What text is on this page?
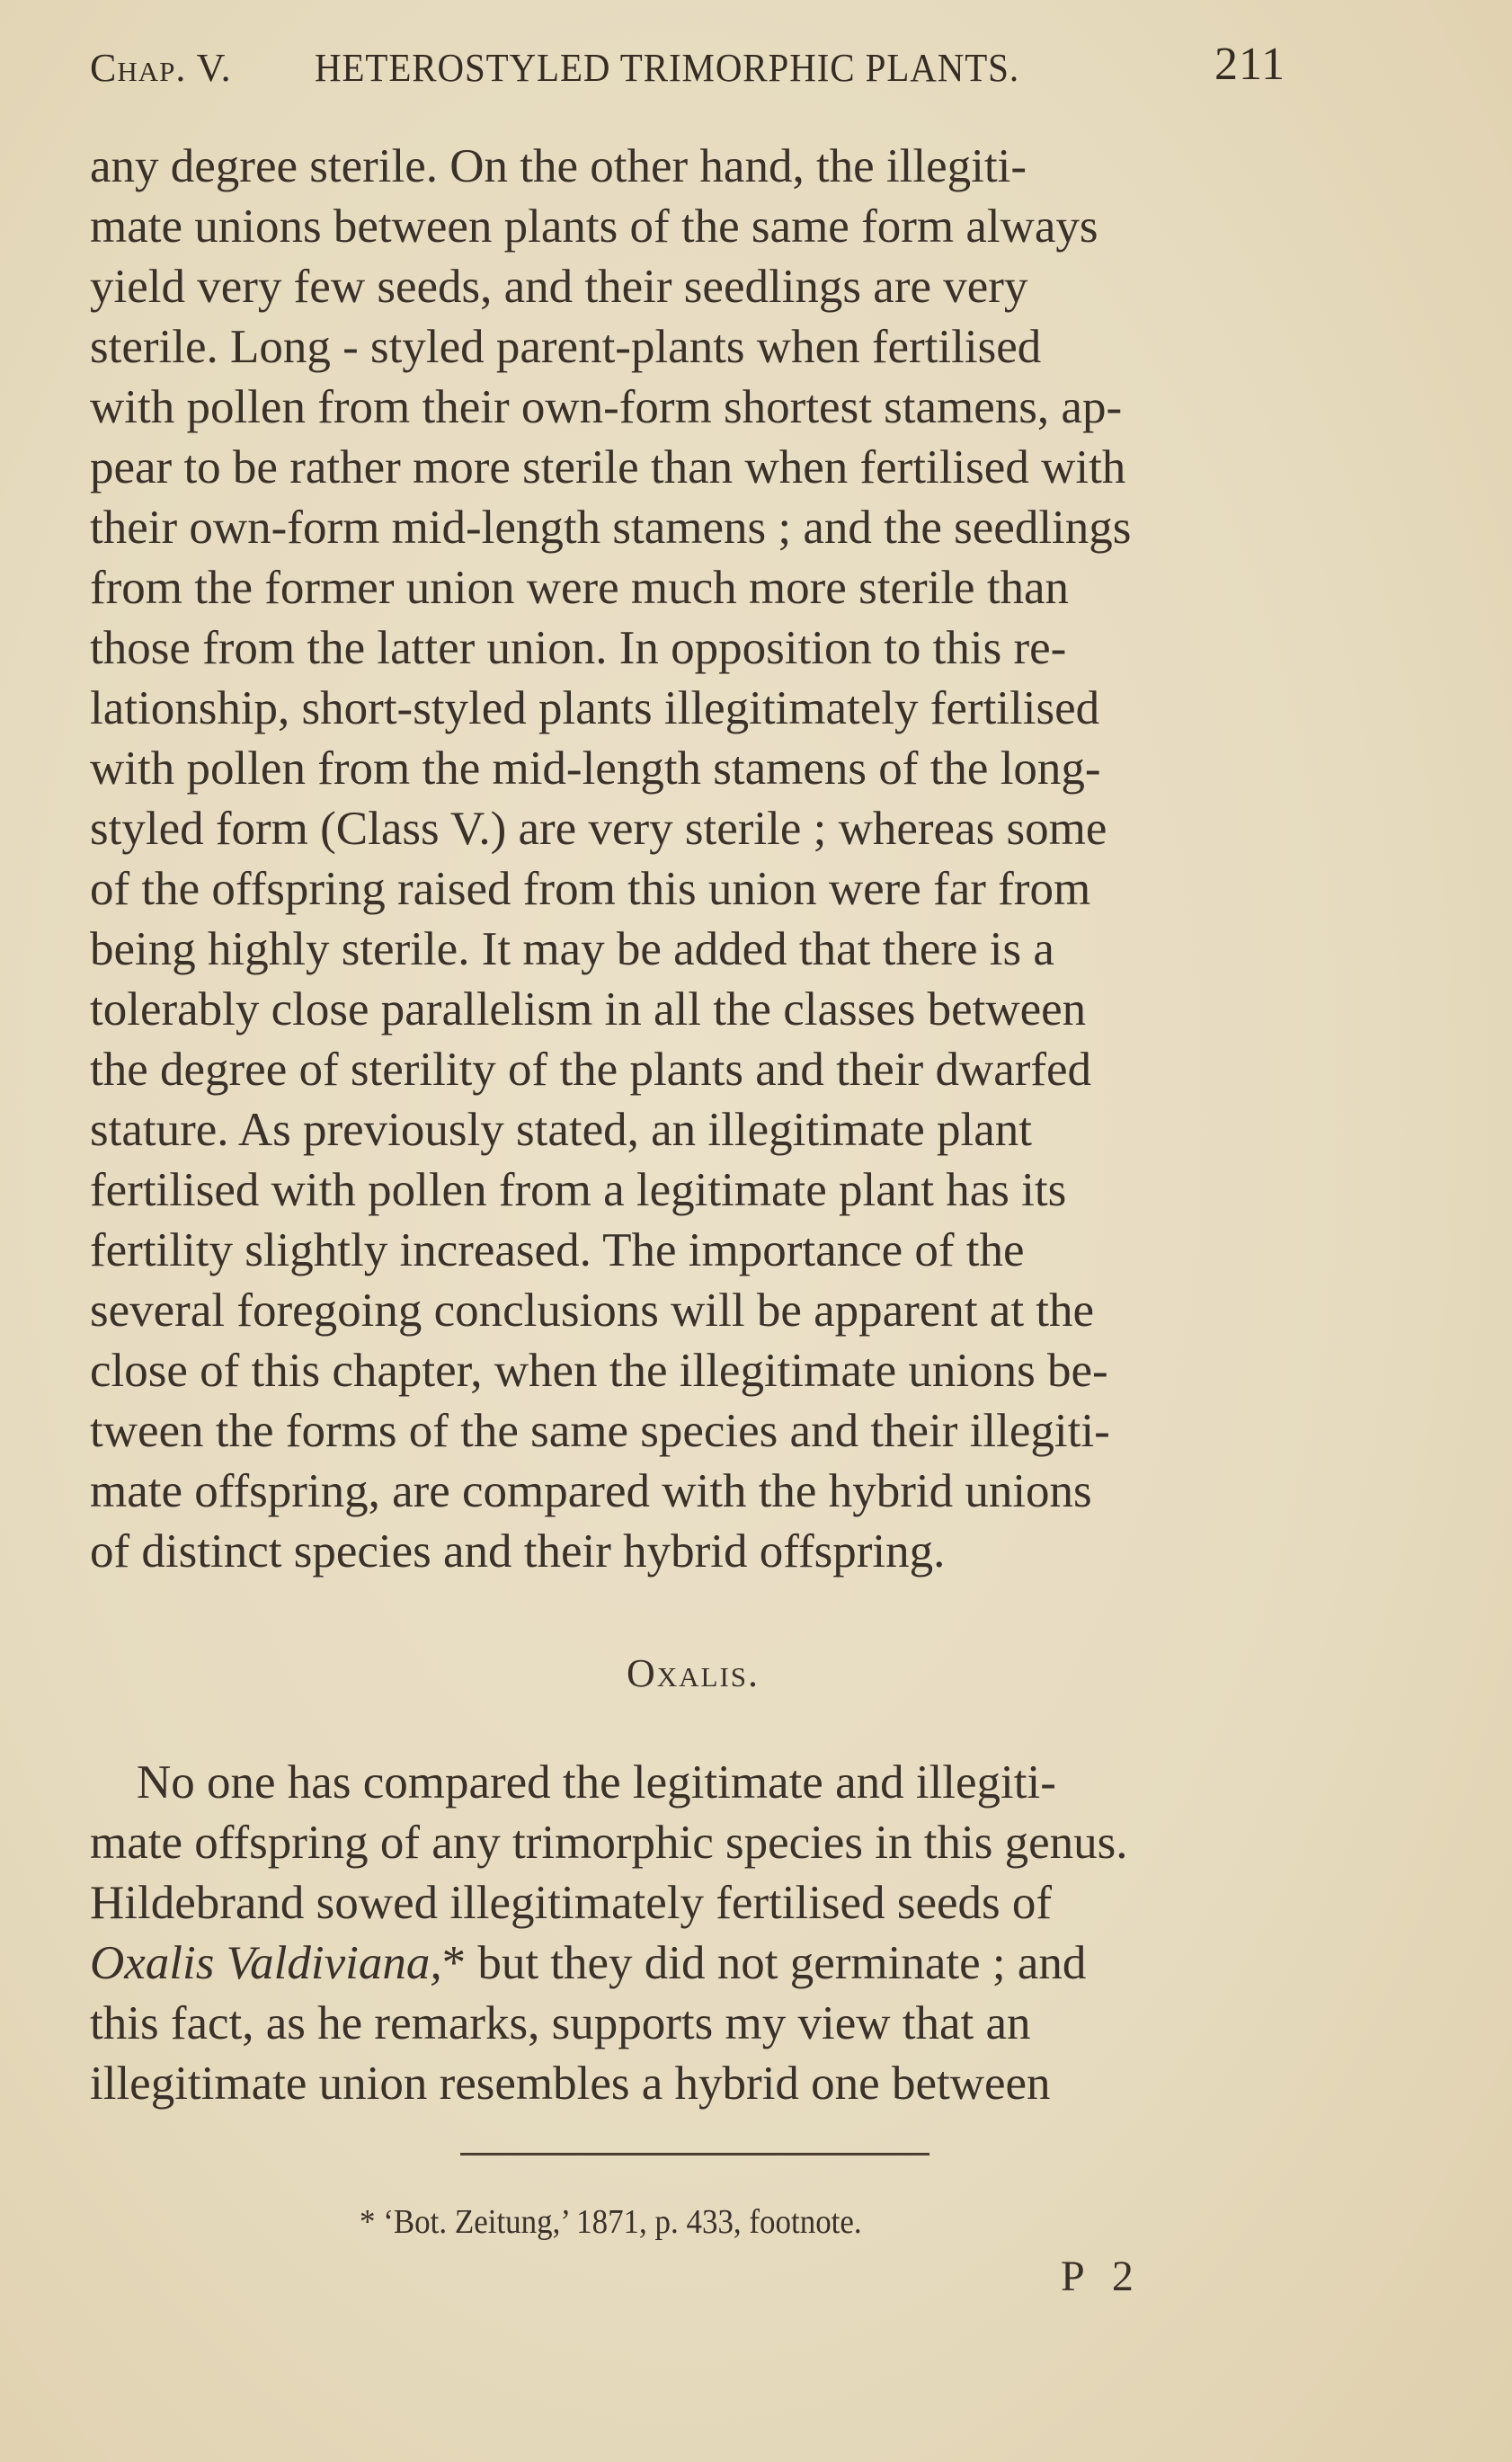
Chap. V. HETEROSTYLED TRIMORPHIC PLANTS.	211
any degree sterile. On the other hand, the illegiti-
mate unions between plants of the same form always
yield very few seeds, and their seedlings are very
sterile. Long - styled parent-plants when fertilised
with pollen from their own-form shortest stamens, ap-
pear to be rather more sterile than when fertilised with
their own-form mid-length stamens ; and the seedlings
from the former union were much more sterile than
those from the latter union. In opposition to this re-
lationship, short-styled plants illegitimately fertilised
with pollen from the mid-length stamens of the long-
styled form (Class V.) are very sterile ; whereas some
of the offspring raised from this union were far from
being highly sterile. It may be added that there is a
tolerably close parallelism in all the classes between
the degree of sterility of the plants and their dwarfed
stature. As previously stated, an illegitimate plant
fertilised with pollen from a legitimate plant has its
fertility slightly increased. The importance of the
several foregoing conclusions will be apparent at the
close of this chapter, when the illegitimate unions be-
tween the forms of the same species and their illegiti-
mate offspring, are compared with the hybrid unions
of distinct species and their hybrid offspring.
Oxalis.
No one has compared the legitimate and illegiti-
mate offspring of any trimorphic species in this genus.
Hildebrand sowed illegitimately fertilised seeds of
Oxalis Valdiviana,* but they did not germinate ; and
this fact, as he remarks, supports my view that an
illegitimate union resembles a hybrid one between
* ‘Bot. Zeitung,’ 1871, p. 433, footnote.
P 2
